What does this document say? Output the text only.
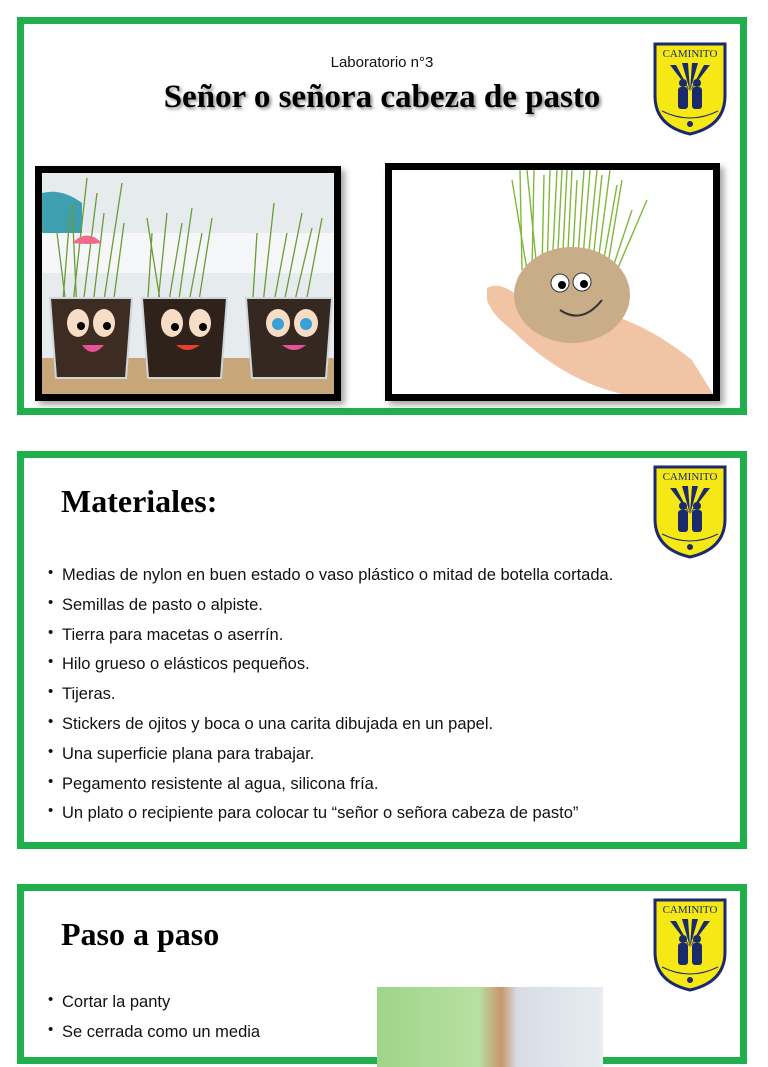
Laboratorio n°3
Señor o señora cabeza de pasto
CAMINITO
Materiales:
CAMINITO
• Medias de nylon en buen estado o vaso plástico o mitad de botella cortada.
• Semillas de pasto o alpiste.
• Tierra para macetas o aserrín.
• Hilo grueso o elásticos pequeños.
• Tijeras.
• Stickers de ojitos y boca o una carita dibujada en un papel.
• Una superficie plana para trabajar.
• Pegamento resistente al agua, silicona fría.
• Un plato o recipiente para colocar tu “señor o señora cabeza de pasto”
Paso a paso
CAMINITO
• Cortar la panty
• Se cerrada como un media
